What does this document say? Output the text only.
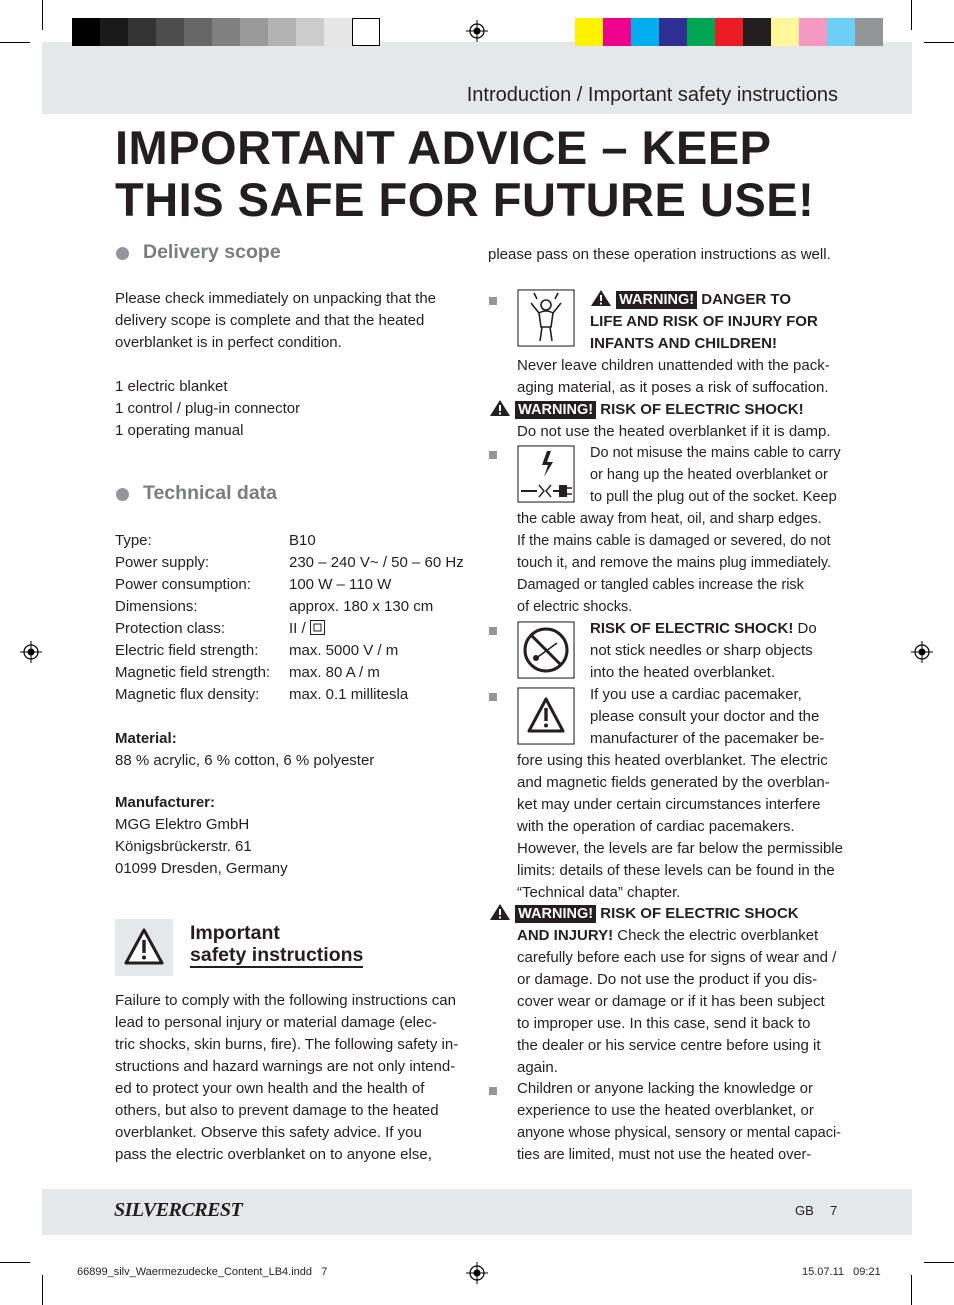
Introduction / Important safety instructions
IMPORTANT ADVICE – KEEP
THIS SAFE FOR FUTURE USE!
Delivery scope

Please check immediately on unpacking that the

delivery scope is complete and that the heated

overblanket is in perfect condition.

1 electric blanket

1 control / plug-in connector

1 operating manual

Technical data
Type:	B10
Power supply:	230 – 240 V~ / 50 – 60 Hz
Power consumption:	100 W – 110 W
Dimensions:	approx. 180 x 130 cm
Protection class:	II /
Electric field strength: max. 5000 V / m
Magnetic field strength: max. 80 A / m
Magnetic flux density: max. 0.1 millitesla

Material:

88 % acrylic, 6 % cotton, 6 % polyester

Manufacturer:

MGG Elektro GmbH

Königsbrückerstr. 61

01099 Dresden, Germany

Important
safety instructions

Failure to comply with the following instructions can

lead to personal injury or material damage (elec-

tric shocks, skin burns, fire). The following safety in-

structions and hazard warnings are not only intend-

ed to protect your own health and the health of

others, but also to prevent damage to the heated

overblanket. Observe this safety advice. If you

pass the electric overblanket on to anyone else,

please pass on these operation instructions as well.
WARNING! DANGER TO
LIFE AND RISK OF INJURY FOR
INFANTS AND CHILDREN!

Never leave children unattended with the pack-

aging material, as it poses a risk of suffocation.

WARNING! RISK OF ELECTRIC SHOCK!
Do not use the heated overblanket if it is damp.

Do not misuse the mains cable to carry

or hang up the heated overblanket or

to pull the plug out of the socket. Keep

the cable away from heat, oil, and sharp edges.

If the mains cable is damaged or severed, do not

touch it, and remove the mains plug immediately.

Damaged or tangled cables increase the risk

of electric shocks.

RISK OF ELECTRIC SHOCK! Do

not stick needles or sharp objects

into the heated overblanket.

If you use a cardiac pacemaker,

please consult your doctor and the

manufacturer of the pacemaker be-

fore using this heated overblanket. The electric

and magnetic fields generated by the overblan-

ket may under certain circumstances interfere

with the operation of cardiac pacemakers.

However, the levels are far below the permissible

limits: details of these levels can be found in the

“Technical data” chapter.

WARNING! RISK OF ELECTRIC SHOCK

AND INJURY! Check the electric overblanket

carefully before each use for signs of wear and /

or damage. Do not use the product if you dis-

cover wear or damage or if it has been subject

to improper use. In this case, send it back to

the dealer or his service centre before using it

again.

Children or anyone lacking the knowledge or

experience to use the heated overblanket, or

anyone whose physical, sensory or mental capaci-

ties are limited, must not use the heated over-

SILVERCREST	GB 7
66899_silv_Waermezudecke_Content_LB4.indd   7	15.07.11   09:21
